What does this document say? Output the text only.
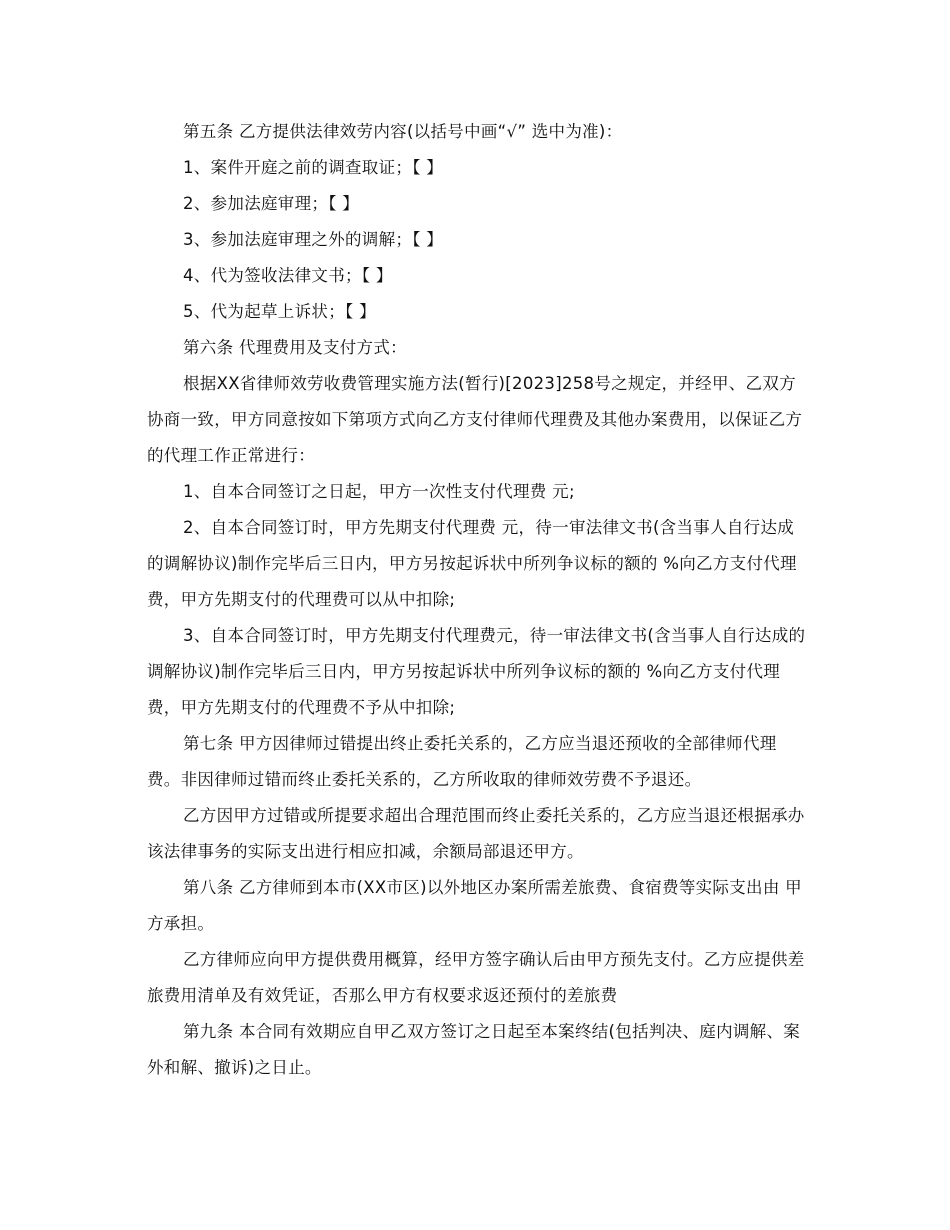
第五条 乙方提供法律效劳内容(以括号中画“√” 选中为准)：

1、案件开庭之前的调查取证；【 】

2、参加法庭审理；【 】

3、参加法庭审理之外的调解；【 】

4、代为签收法律文书；【 】

5、代为起草上诉状；【 】

第六条 代理费用及支付方式：

根据XX省律师效劳收费管理实施方法(暂行)[2023]258号之规定，并经甲、乙双方协商一致，甲方同意按如下第项方式向乙方支付律师代理费及其他办案费用，以保证乙方的代理工作正常进行：

1、自本合同签订之日起，甲方一次性支付代理费 元;

2、自本合同签订时，甲方先期支付代理费 元，待一审法律文书(含当事人自行达成的调解协议)制作完毕后三日内，甲方另按起诉状中所列争议标的额的 %向乙方支付代理费，甲方先期支付的代理费可以从中扣除;

3、自本合同签订时，甲方先期支付代理费元，待一审法律文书(含当事人自行达成的调解协议)制作完毕后三日内，甲方另按起诉状中所列争议标的额的 %向乙方支付代理费，甲方先期支付的代理费不予从中扣除;

第七条 甲方因律师过错提出终止委托关系的，乙方应当退还预收的全部律师代理费。非因律师过错而终止委托关系的，乙方所收取的律师效劳费不予退还。

乙方因甲方过错或所提要求超出合理范围而终止委托关系的，乙方应当退还根据承办该法律事务的实际支出进行相应扣减，余额局部退还甲方。

第八条 乙方律师到本市(XX市区)以外地区办案所需差旅费、食宿费等实际支出由 甲方承担。

乙方律师应向甲方提供费用概算，经甲方签字确认后由甲方预先支付。乙方应提供差旅费用清单及有效凭证，否那么甲方有权要求返还预付的差旅费

第九条 本合同有效期应自甲乙双方签订之日起至本案终结(包括判决、庭内调解、案 外和解、撤诉)之日止。
